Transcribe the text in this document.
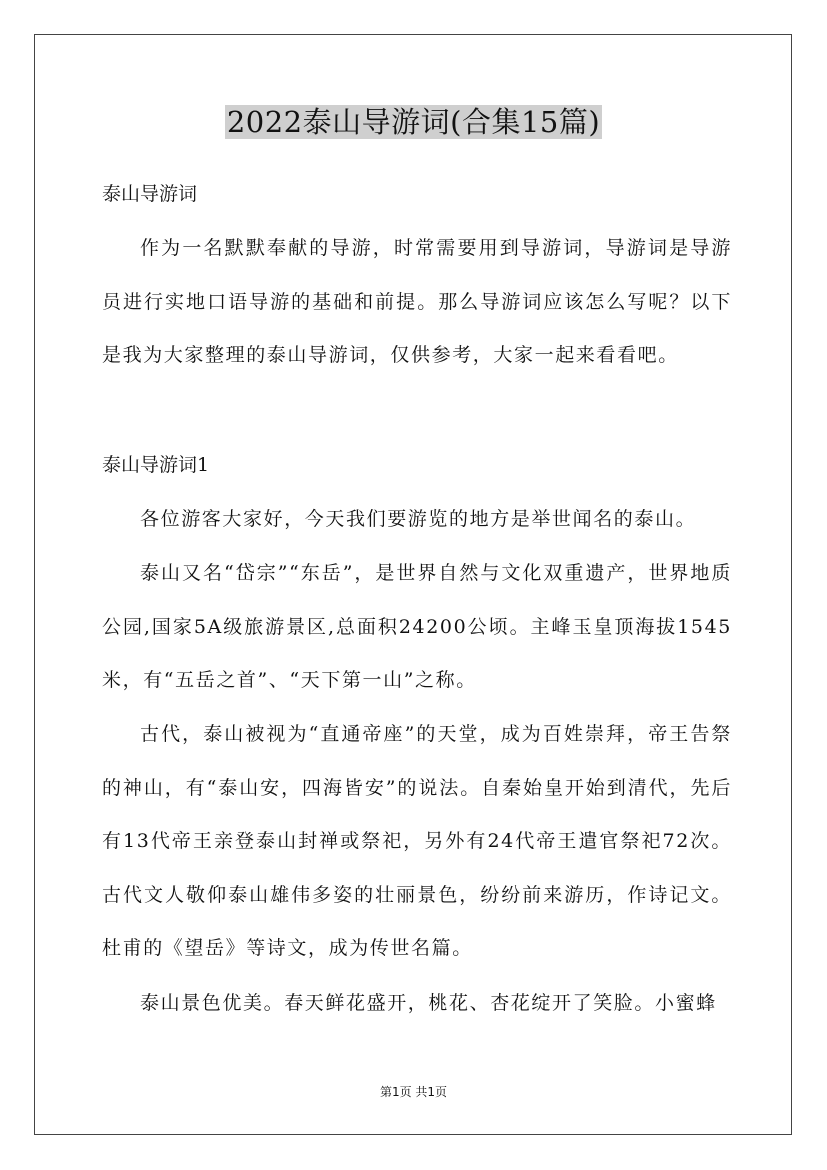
2022泰山导游词(合集15篇)
泰山导游词

作为一名默默奉献的导游，时常需要用到导游词，导游词是导游员进行实地口语导游的基础和前提。那么导游词应该怎么写呢？以下是我为大家整理的泰山导游词，仅供参考，大家一起来看看吧。

泰山导游词1

各位游客大家好，今天我们要游览的地方是举世闻名的泰山。

泰山又名“岱宗”“东岳”，是世界自然与文化双重遗产，世界地质公园,国家5A级旅游景区,总面积24200公顷。主峰玉皇顶海拔1545米，有“五岳之首”、“天下第一山”之称。

古代，泰山被视为“直通帝座”的天堂，成为百姓崇拜，帝王告祭的神山，有“泰山安，四海皆安”的说法。自秦始皇开始到清代，先后有13代帝王亲登泰山封禅或祭祀，另外有24代帝王遣官祭祀72次。古代文人敬仰泰山雄伟多姿的壮丽景色，纷纷前来游历，作诗记文。杜甫的《望岳》等诗文，成为传世名篇。

泰山景色优美。春天鲜花盛开，桃花、杏花绽开了笑脸。小蜜蜂

第1页 共1页
